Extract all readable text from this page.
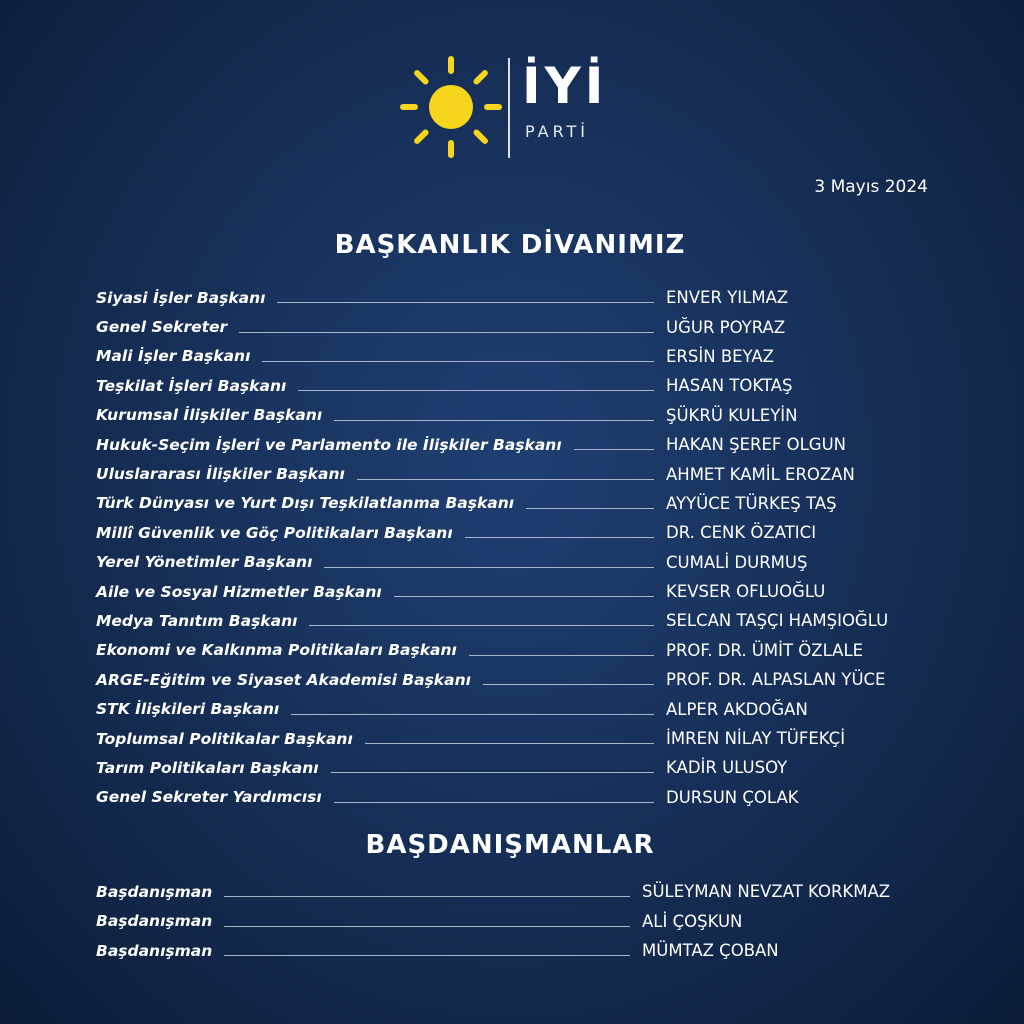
İYİ
PARTİ
3 Mayıs 2024
BAŞKANLIK DİVANIMIZ
Siyasi İşler Başkanı	ENVER YILMAZ
Genel Sekreter	UĞUR POYRAZ
Mali İşler Başkanı	ERSİN BEYAZ
Teşkilat İşleri Başkanı	HASAN TOKTAŞ
Kurumsal İlişkiler Başkanı	ŞÜKRÜ KULEYİN
Hukuk-Seçim İşleri ve Parlamento ile İlişkiler Başkanı	HAKAN ŞEREF OLGUN
Uluslararası İlişkiler Başkanı	AHMET KAMİL EROZAN
Türk Dünyası ve Yurt Dışı Teşkilatlanma Başkanı	AYYÜCE TÜRKEŞ TAŞ
Millî Güvenlik ve Göç Politikaları Başkanı	DR. CENK ÖZATICI
Yerel Yönetimler Başkanı	CUMALİ DURMUŞ
Aile ve Sosyal Hizmetler Başkanı	KEVSER OFLUOĞLU
Medya Tanıtım Başkanı	SELCAN TAŞÇI HAMŞIOĞLU
Ekonomi ve Kalkınma Politikaları Başkanı	PROF. DR. ÜMİT ÖZLALE
ARGE-Eğitim ve Siyaset Akademisi Başkanı	PROF. DR. ALPASLAN YÜCE
STK İlişkileri Başkanı	ALPER AKDOĞAN
Toplumsal Politikalar Başkanı	İMREN NİLAY TÜFEKÇİ
Tarım Politikaları Başkanı	KADİR ULUSOY
Genel Sekreter Yardımcısı	DURSUN ÇOLAK
BAŞDANIŞMANLAR
Başdanışman	SÜLEYMAN NEVZAT KORKMAZ
Başdanışman	ALİ ÇOŞKUN
Başdanışman	MÜMTAZ ÇOBAN
